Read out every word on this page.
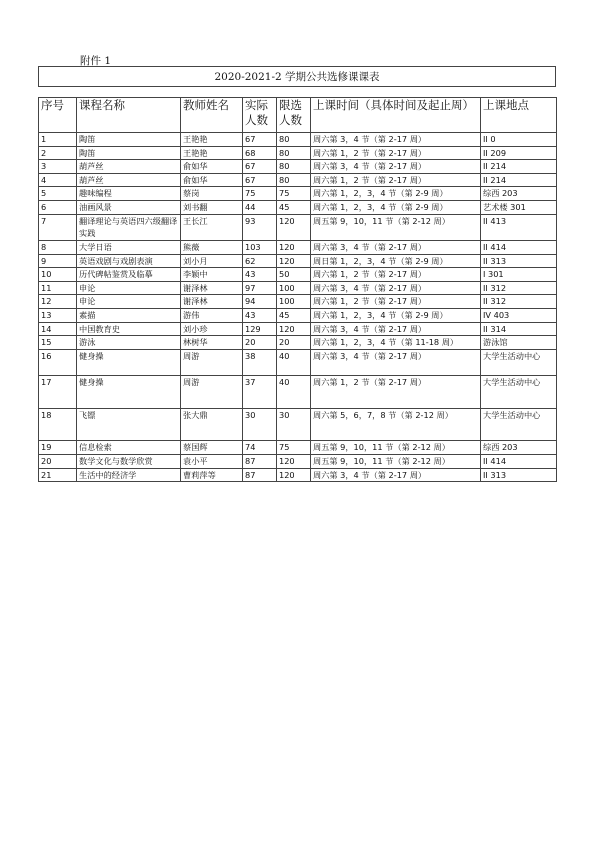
附件 1
2020-2021-2 学期公共选修课课表
序号	课程名称	教师姓名	实际人数	限选人数	上课时间（具体时间及起止周）	上课地点
1	陶笛	王艳艳	67	80	周六第 3，4 节（第 2-17 周）	II 0
2	陶笛	王艳艳	68	80	周六第 1，2 节（第 2-17 周）	II 209
3	葫芦丝	俞如华	67	80	周六第 3，4 节（第 2-17 周）	II 214
4	葫芦丝	俞如华	67	80	周六第 1，2 节（第 2-17 周）	II 214
5	趣味编程	蔡岗	75	75	周六第 1，2，3，4 节（第 2-9 周）	综西 203
6	油画风景	刘书翻	44	45	周六第 1，2，3，4 节（第 2-9 周）	艺术楼 301
7	翻译理论与英语四六级翻译实践	王长江	93	120	周五第 9，10，11 节（第 2-12 周）	II 413
8	大学日语	熊薇	103	120	周六第 3，4 节（第 2-17 周）	II 414
9	英语戏剧与戏剧表演	刘小月	62	120	周日第 1，2，3，4 节（第 2-9 周）	II 313
10	历代碑帖鉴赏及临摹	李颖中	43	50	周六第 1，2 节（第 2-17 周）	I 301
11	申论	谢泽林	97	100	周六第 3，4 节（第 2-17 周）	II 312
12	申论	谢泽林	94	100	周六第 1，2 节（第 2-17 周）	II 312
13	素描	游伟	43	45	周六第 1，2，3，4 节（第 2-9 周）	IV 403
14	中国教育史	刘小珍	129	120	周六第 3，4 节（第 2-17 周）	II 314
15	游泳	林树华	20	20	周六第 1，2，3，4 节（第 11-18 周）	游泳馆
16	健身操	周游	38	40	周六第 3，4 节（第 2-17 周）	大学生活动中心
17	健身操	周游	37	40	周六第 1，2 节（第 2-17 周）	大学生活动中心
18	飞镖	张大鼎	30	30	周六第 5，6，7，8 节（第 2-12 周）	大学生活动中心
19	信息检索	蔡国辉	74	75	周五第 9，10，11 节（第 2-12 周）	综西 203
20	数学文化与数学欣赏	袁小平	87	120	周五第 9，10，11 节（第 2-12 周）	II 414
21	生活中的经济学	曹莉萍等	87	120	周六第 3，4 节（第 2-17 周）	II 313
